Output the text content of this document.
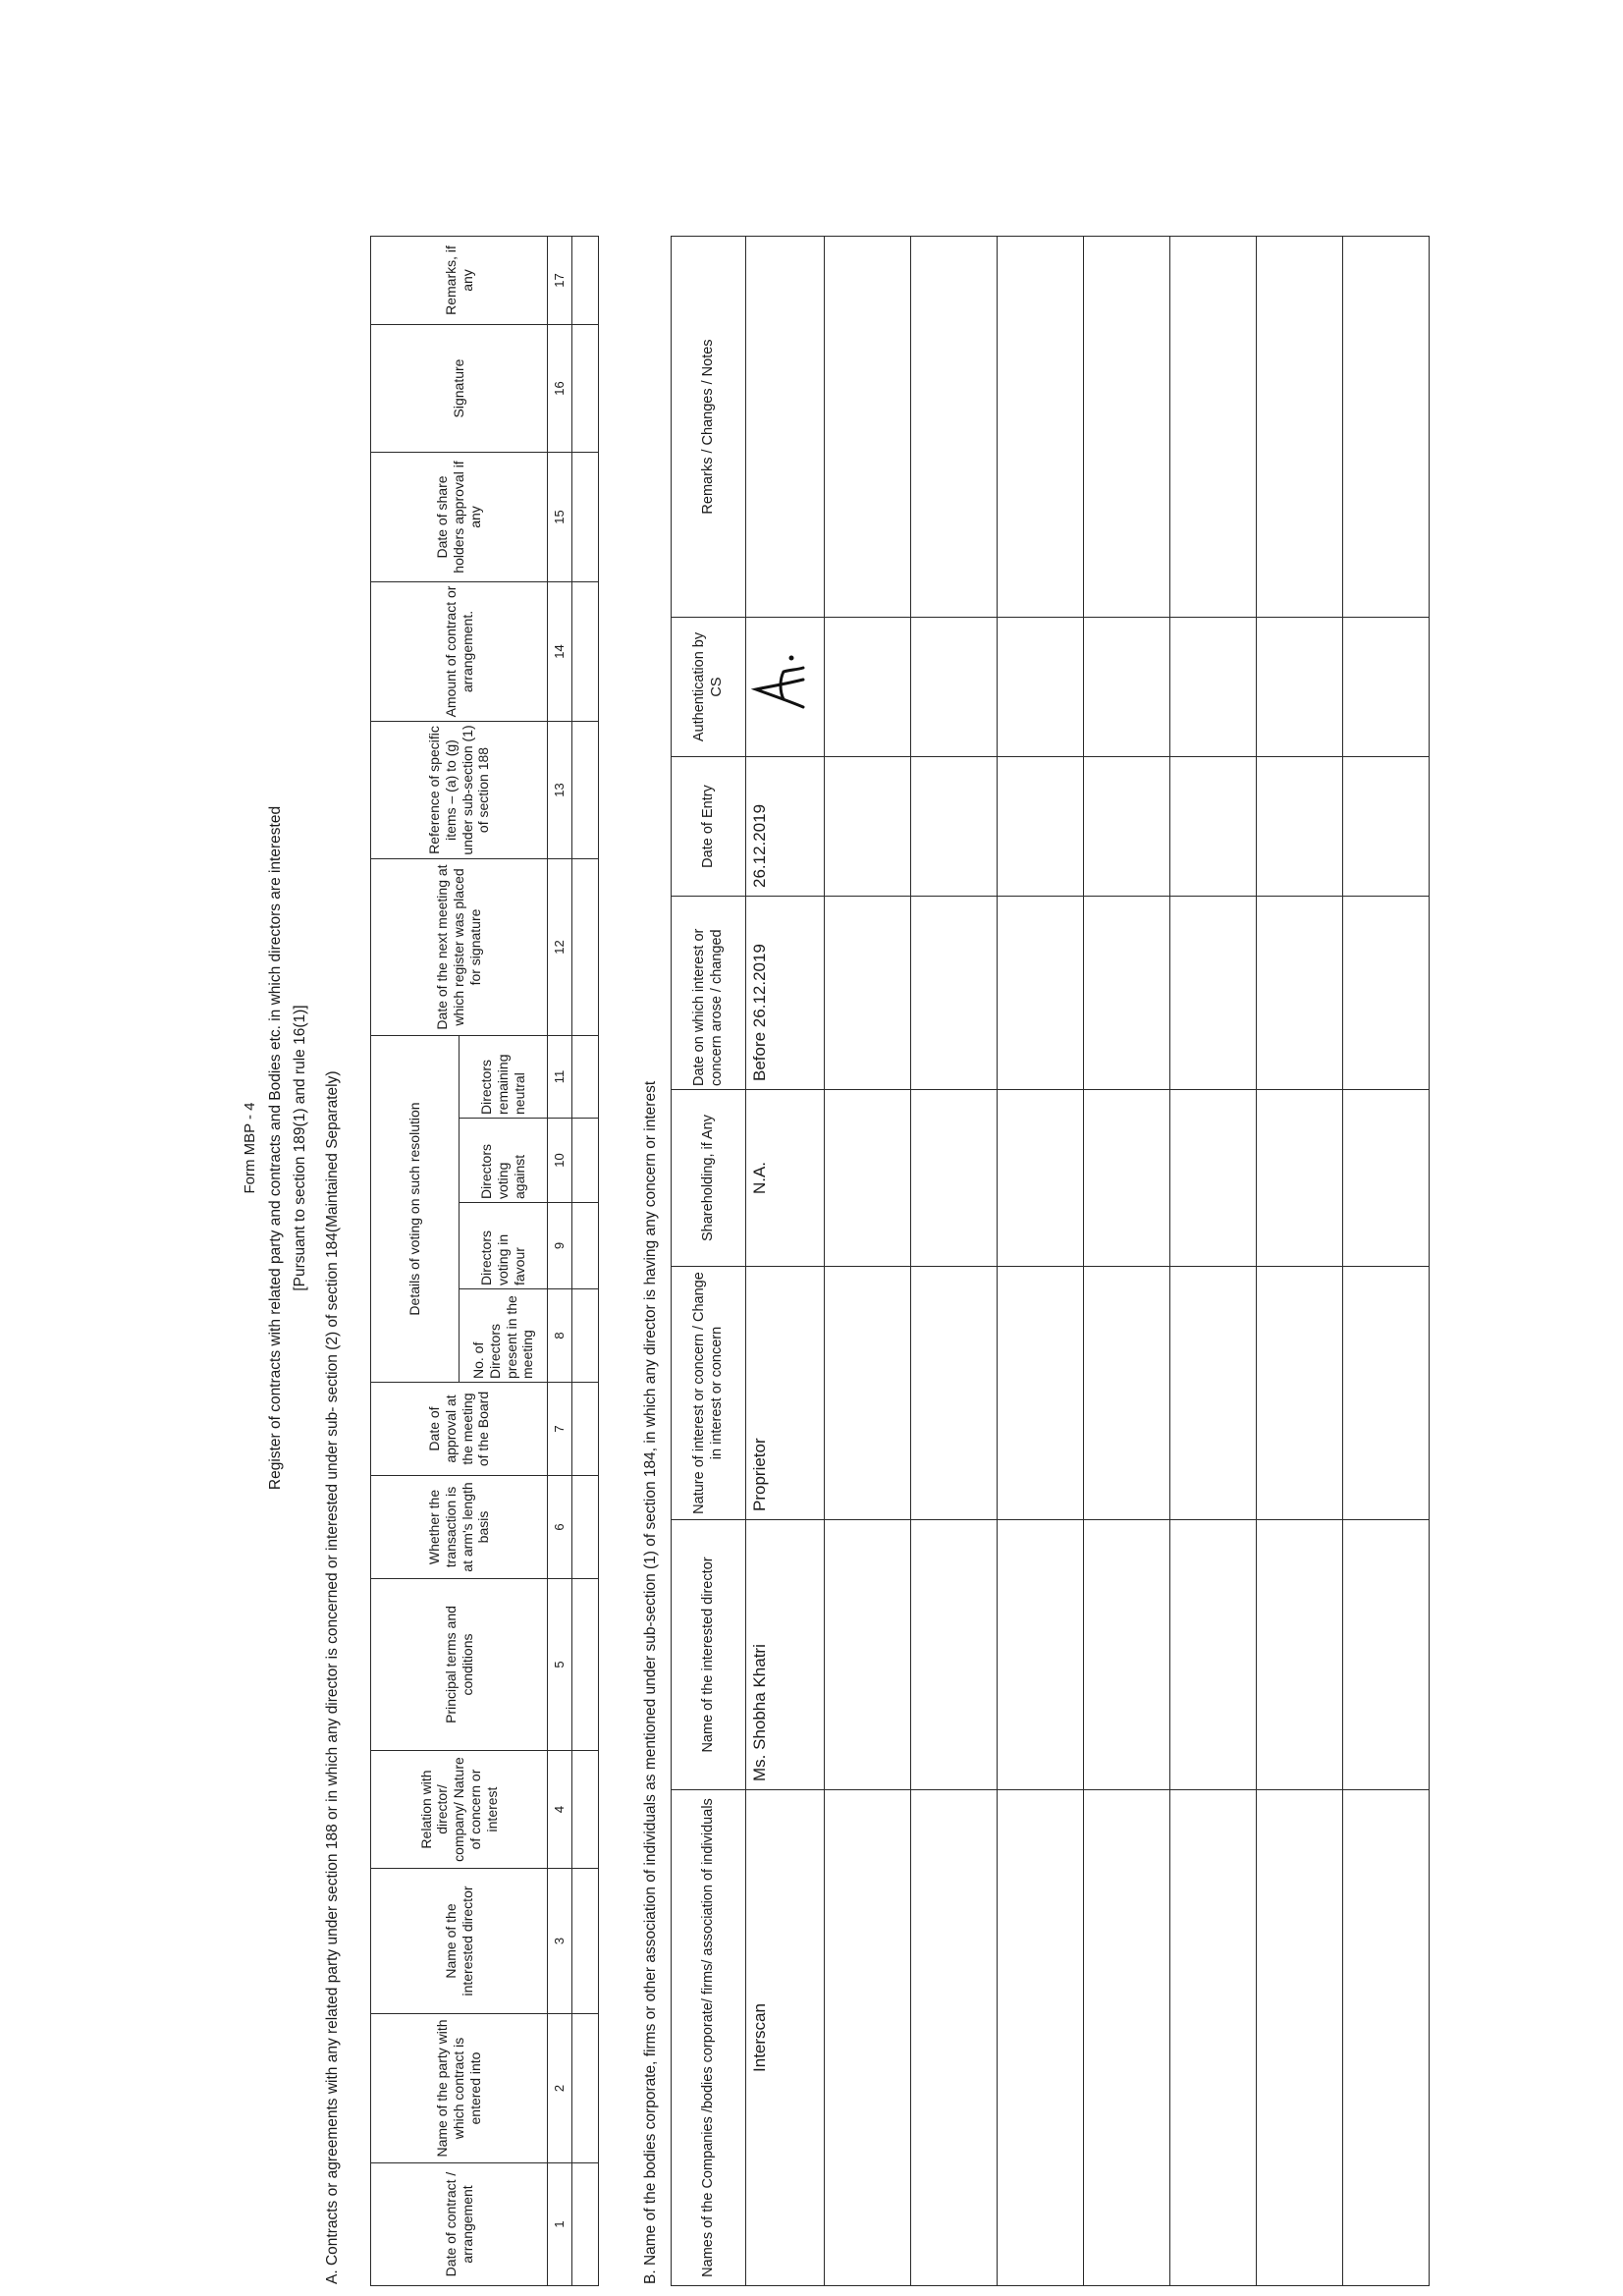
Form MBP - 4 Register of contracts with related party and contracts and Bodies etc. in which directors are interested [Pursuant to section 189(1) and rule 16(1)] A. Contracts or agreements with any related party under section 188 or in which any director is concerned or interested under sub- section (2) of section 184(Maintained Separately)	Date of contract / arrangement	Name of the party with which contract is entered into	Name of the interested director	Relation with director/ company/ Nature of concern or interest	Principal terms and conditions	Whether the transaction is at arm's length basis	Date of approval at the meeting of the Board	Details of voting on such resolution				Date of the next meeting at which register was placed for signature	Reference of specific items – (a) to (g) under sub-section (1) of section 188	Amount of contract or arrangement.	Date of share holders approval if any	Signature	Remarks, if any
							No. of Directors present in the meeting	Directors voting in favour	Directors voting against	Directors remaining neutral						
1	2	3	4	5	6	7	8	9	10	11	12	13	14	15	16	17

B. Name of the bodies corporate, firms or other association of individuals as mentioned under sub-section (1) of section 184, in which any director is having any concern or interest	Names of the Companies /bodies corporate/ firms/ association of individuals	Name of the interested director	Nature of interest or concern / Change in interest or concern	Shareholding, if Any	Date on which interest or concern arose / changed	Date of Entry	Authentication by CS	Remarks / Changes / Notes
Interscan	Ms. Shobha Khatri	Proprietor	N.A.	Before 26.12.2019	26.12.2019	
